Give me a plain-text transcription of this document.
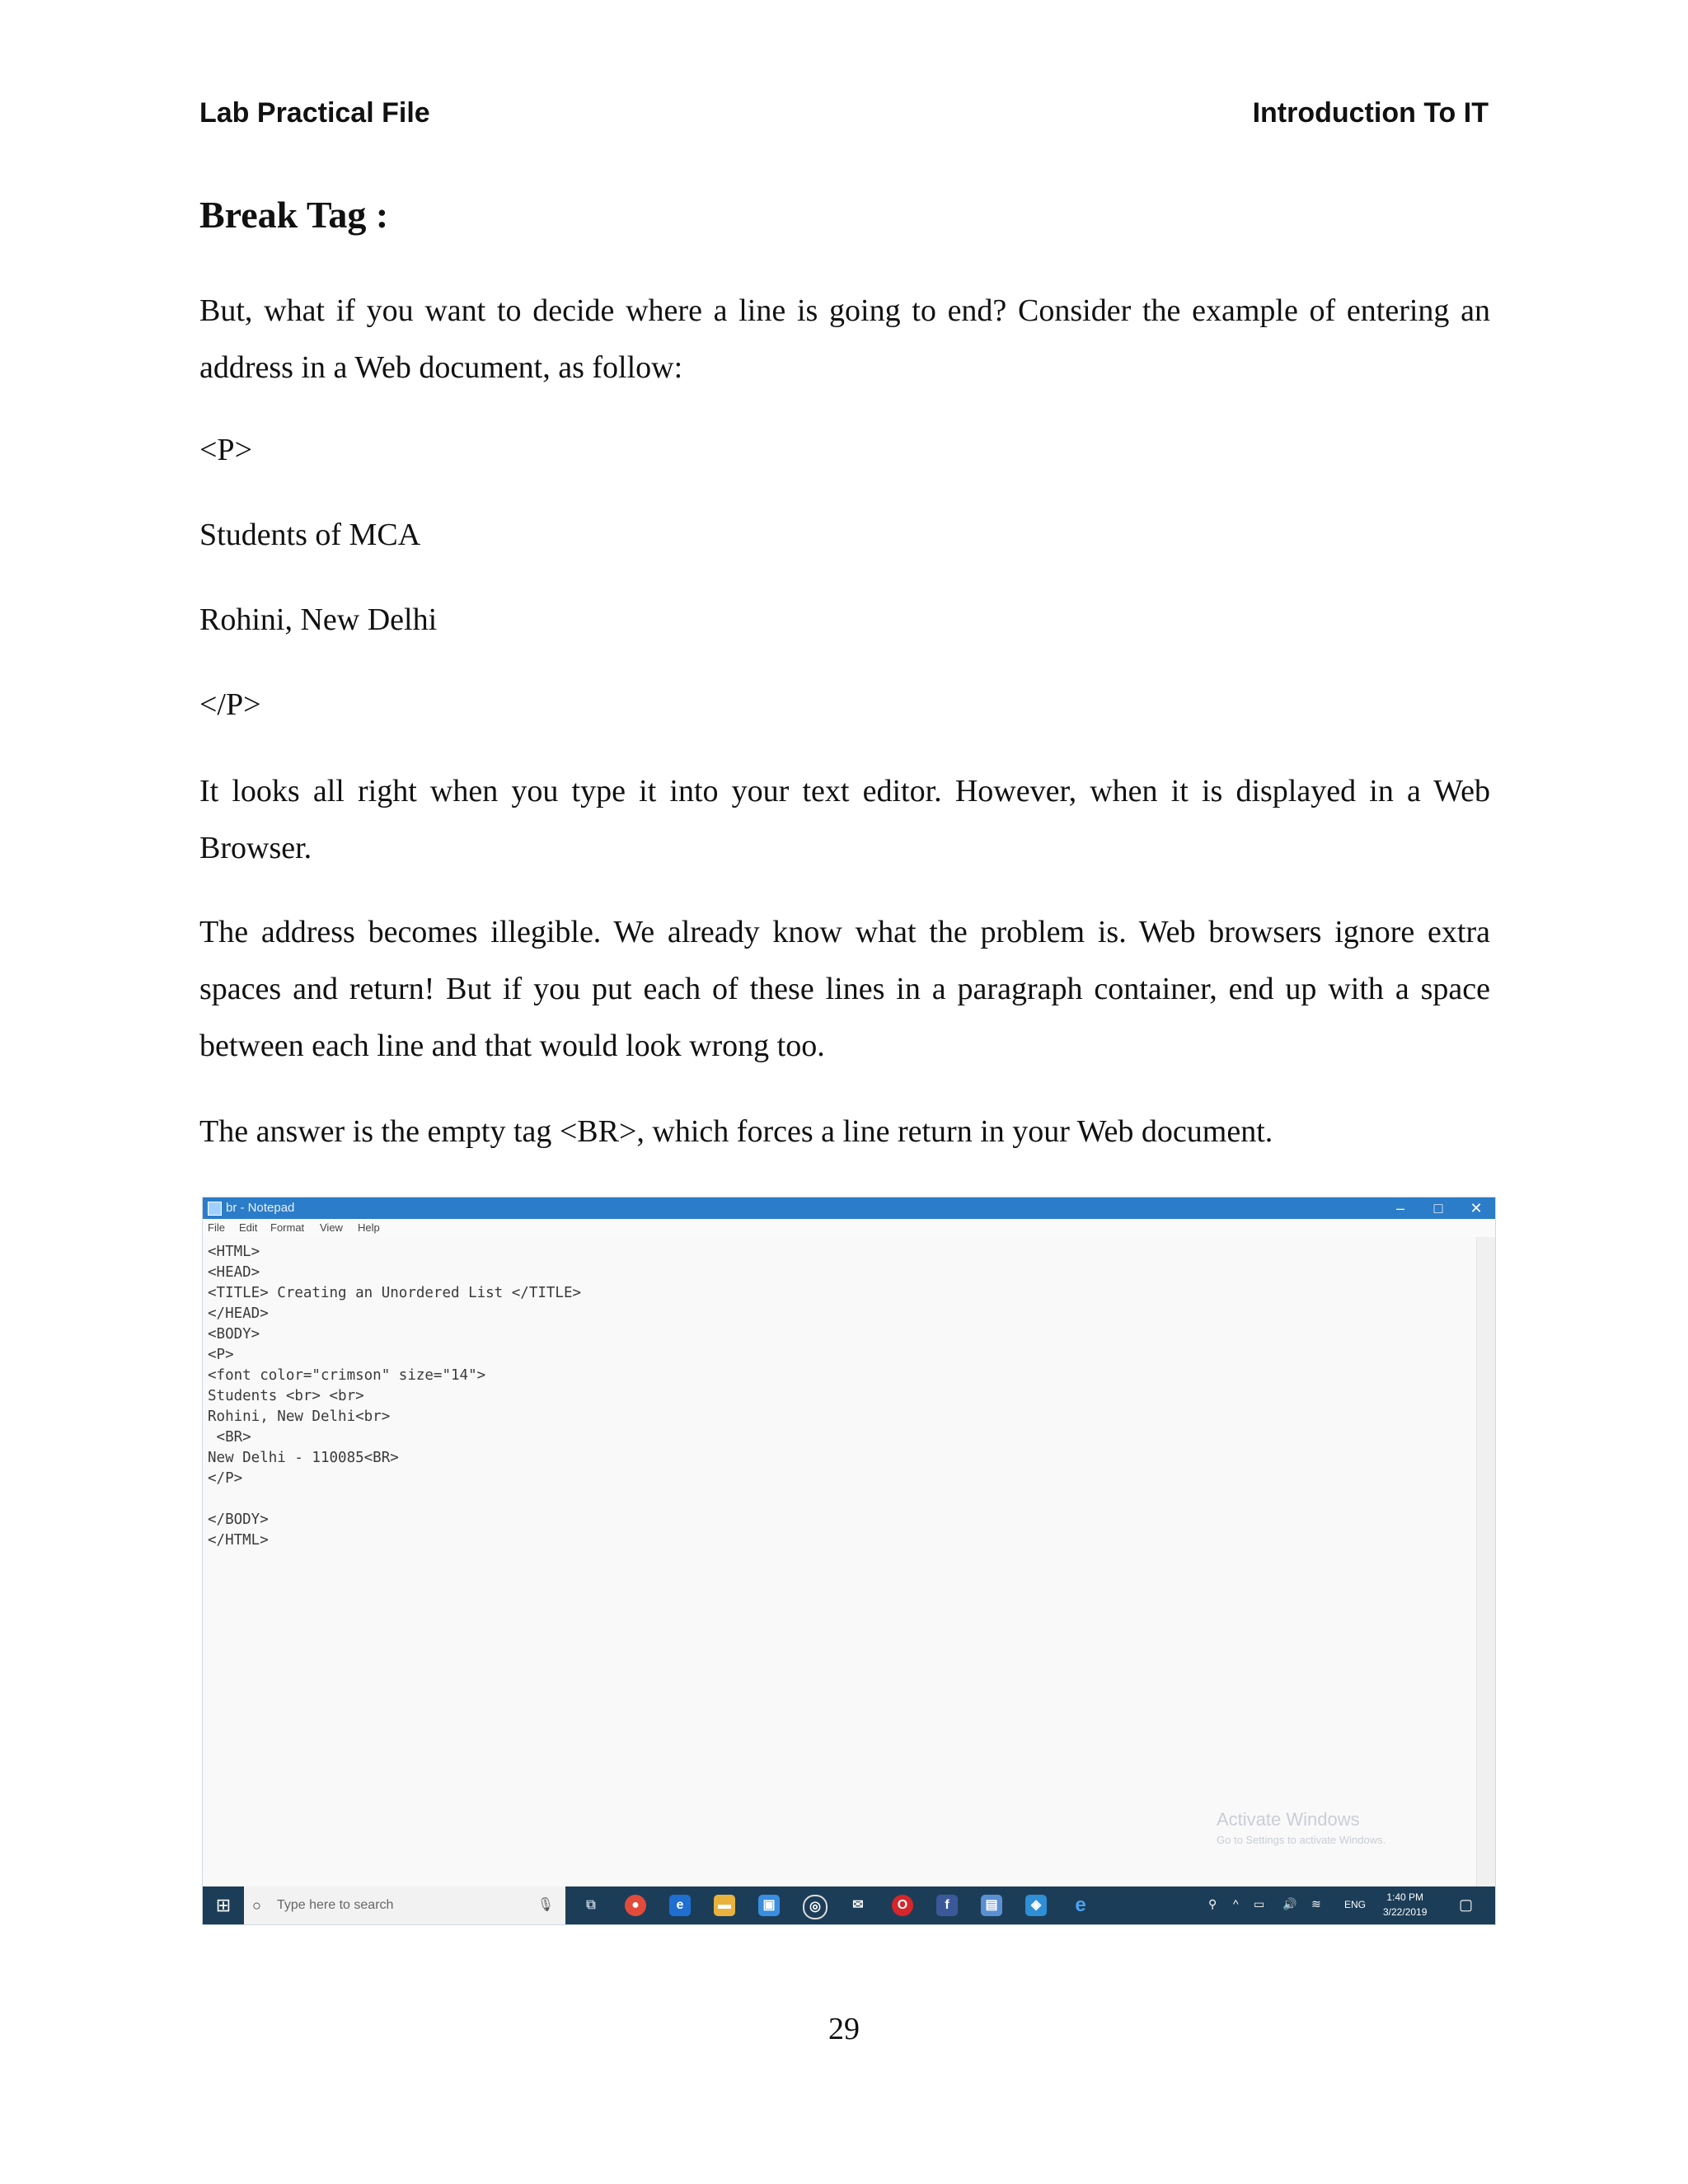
Lab Practical File	Introduction To IT
Break Tag :

But, what if you want to decide where a line is going to end? Consider the example of entering an address in a Web document, as follow:

<P>

Students of MCA

Rohini, New Delhi

</P>

It looks all right when you type it into your text editor. However, when it is displayed in a Web Browser.

The address becomes illegible. We already know what the problem is. Web browsers ignore extra spaces and return! But if you put each of these lines in a paragraph container, end up with a space between each line and that would look wrong too.

The answer is the empty tag <BR>, which forces a line return in your Web document.

br - Notepad	–	□	✕
File Edit Format View Help
<HTML>
<HEAD>
<TITLE> Creating an Unordered List </TITLE>
</HEAD>
<BODY>
<P>
<font color="crimson" size="14">
Students <br> <br>
Rohini, New Delhi<br>
<BR>
New Delhi - 110085<BR>
</P>

</BODY>
</HTML>
Activate Windows
Go to Settings to activate Windows.
⊞	○ Type here to search	🎙	⧉	●	e	▬	▣	◎	✉	O	f	▤	◈ e	⚲ ^ ▭ 🔊 ≋ ENG
1:40 PM
3/22/2019 ▢
29
